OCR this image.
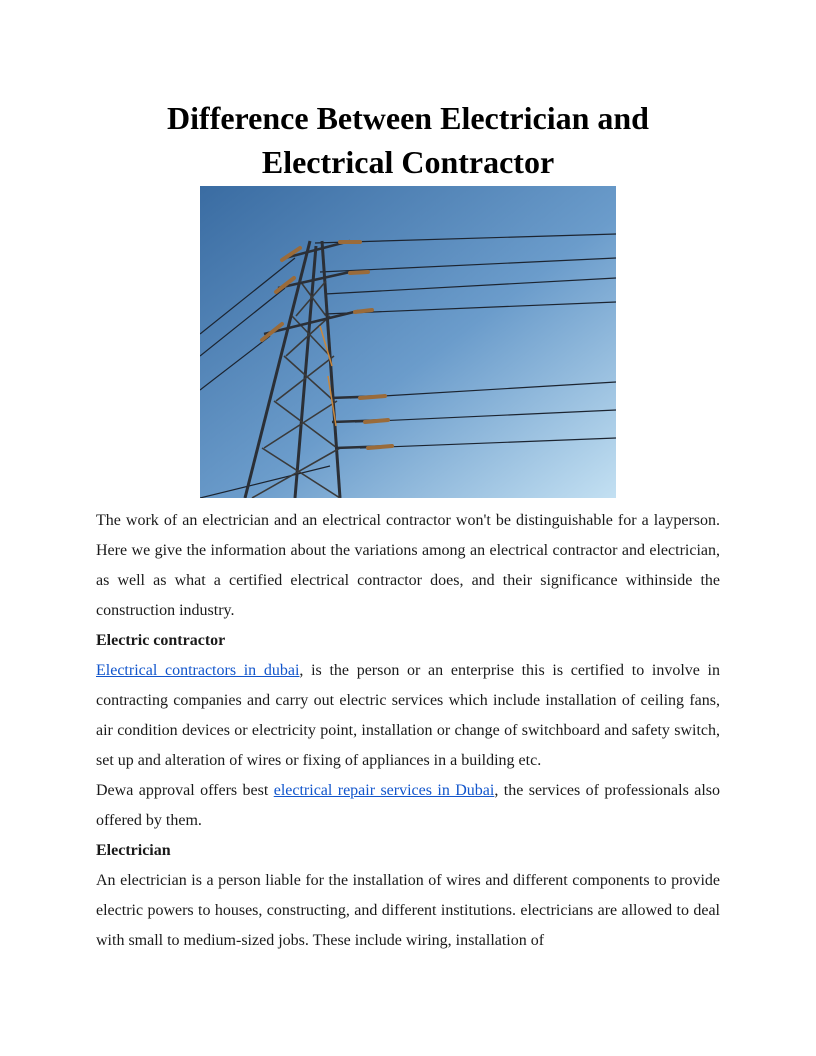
Difference Between Electrician and
Electrical Contractor

The work of an electrician and an electrical contractor won't be distinguishable for a layperson. Here we give the information about the variations among an electrical contractor and electrician, as well as what a certified electrical contractor does, and their significance withinside the construction industry.

Electric contractor

Electrical contractors in dubai, is the person or an enterprise this is certified to involve in contracting companies and carry out electric services which include installation of ceiling fans, air condition devices or electricity point, installation or change of switchboard and safety switch, set up and alteration of wires or fixing of appliances in a building etc.

Dewa approval offers best electrical repair services in Dubai, the services of professionals also offered by them.

Electrician

An electrician is a person liable for the installation of wires and different components to provide electric powers to houses, constructing, and different institutions. electricians are allowed to deal with small to medium-sized jobs. These include wiring, installation of
